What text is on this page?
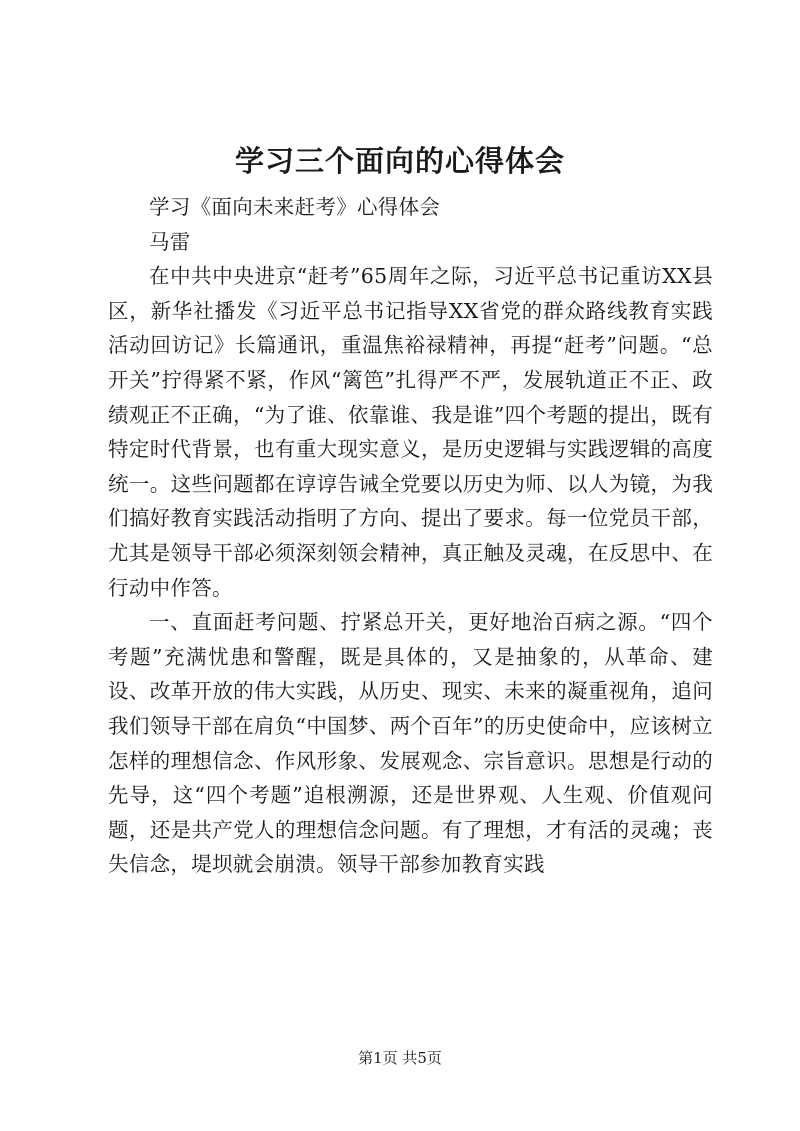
学习三个面向的心得体会

学习《面向未来赶考》心得体会

马雷

在中共中央进京“赶考”65周年之际，习近平总书记重访XX县区，新华社播发《习近平总书记指导XX省党的群众路线教育实践活动回访记》长篇通讯，重温焦裕禄精神，再提“赶考”问题。“总开关”拧得紧不紧，作风“篱笆”扎得严不严，发展轨道正不正、政绩观正不正确，“为了谁、依靠谁、我是谁”四个考题的提出，既有特定时代背景，也有重大现实意义，是历史逻辑与实践逻辑的高度统一。这些问题都在谆谆告诫全党要以历史为师、以人为镜，为我们搞好教育实践活动指明了方向、提出了要求。每一位党员干部，尤其是领导干部必须深刻领会精神，真正触及灵魂，在反思中、在行动中作答。

一、直面赶考问题、拧紧总开关，更好地治百病之源。“四个考题”充满忧患和警醒，既是具体的，又是抽象的，从革命、建设、改革开放的伟大实践，从历史、现实、未来的凝重视角，追问我们领导干部在肩负“中国梦、两个百年”的历史使命中，应该树立怎样的理想信念、作风形象、发展观念、宗旨意识。思想是行动的先导，这“四个考题”追根溯源，还是世界观、人生观、价值观问题，还是共产党人的理想信念问题。有了理想，才有活的灵魂；丧失信念，堤坝就会崩溃。领导干部参加教育实践

第1页 共5页
